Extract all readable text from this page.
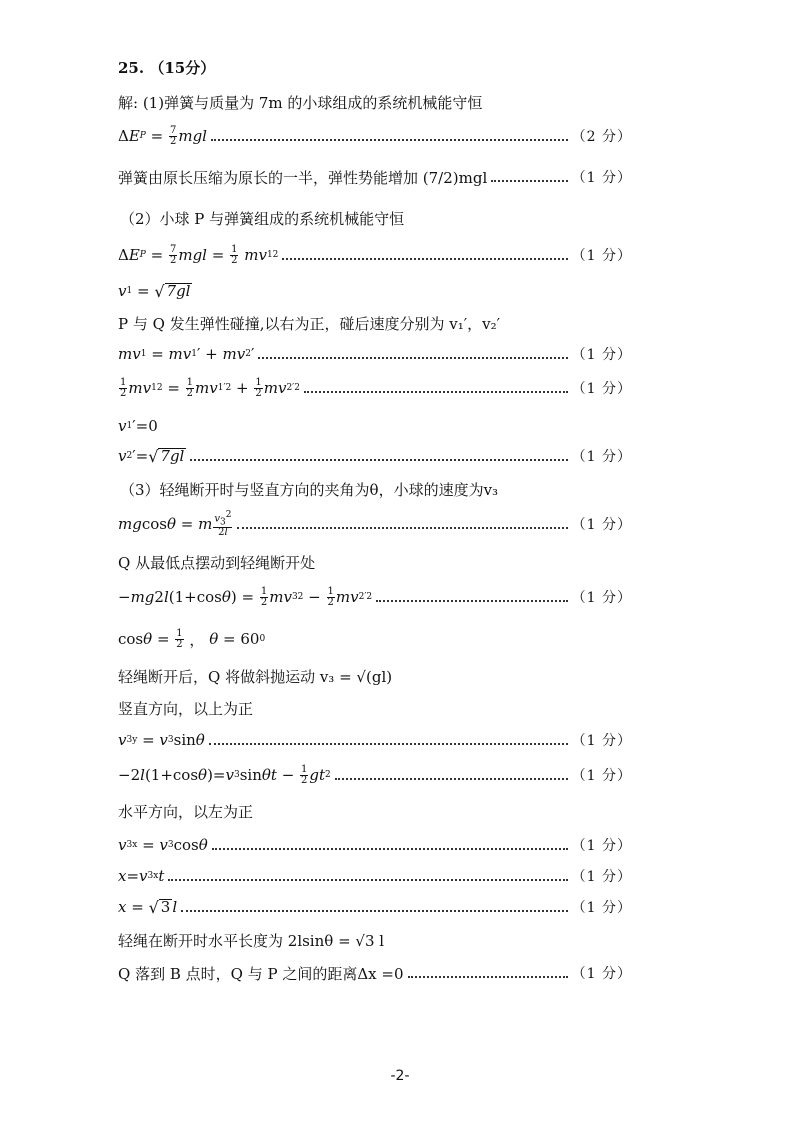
25. （15分）
解: (1)弹簧与质量为 7m 的小球组成的系统机械能守恒
Δ E $P = \frac{7}{2}$ mgl	（2 分）
弹簧由原长压缩为原长的一半，弹性势能增加 (7/2)mgl	（1 分）
（2）小球 P 与弹簧组成的系统机械能守恒
Δ E $P = \frac{7}{2}$ mgl = $\frac{1}{2}$
mv 1 2	（1 分）
v 1 = √ 7gl
P 与 Q 发生弹性碰撞,以右为正，碰后速度分别为 v₁′，v₂′
mv 1 = mv 1 ′ + mv 2 ′	（1 分）
$\frac{1}{2}$ mv 1 $2 = \frac{1}{2}$ mv 1 $'2 + \frac{1}{2}$ mv 2 ′2	（1 分）
v 1 ′=0
v 2 ′= √ 7gl	（1 分）
（3）轻绳断开时与竖直方向的夹角为θ，小球的速度为v₃
mg cos θ = m $\frac{v_3^2}{2l}$	（1 分）
Q 从最低点摆动到轻绳断开处
− mg 2 l (1+cos θ ) = $\frac{1}{2}$ mv 3 $2 - \frac{1}{2}$ mv 2 ′2	（1 分）
$\cos \theta = \frac{1}{2}$ ， θ = 60 0
轻绳断开后，Q 将做斜抛运动 v₃ = √(gl)
竖直方向，以上为正
v 3y = v 3 sin θ	（1 分）
−2 l (1+cos θ )= v 3 $\sin \theta t - \frac{1}{2}$ gt 2	（1 分）
水平方向，以左为正
v 3x = v 3 cos θ	（1 分）
x = v 3x t	（1 分）
x = √ 3 l	（1 分）
轻绳在断开时水平长度为 2lsinθ = √3 l
Q 落到 B 点时，Q 与 P 之间的距离Δx =0	（1 分）
-2-
